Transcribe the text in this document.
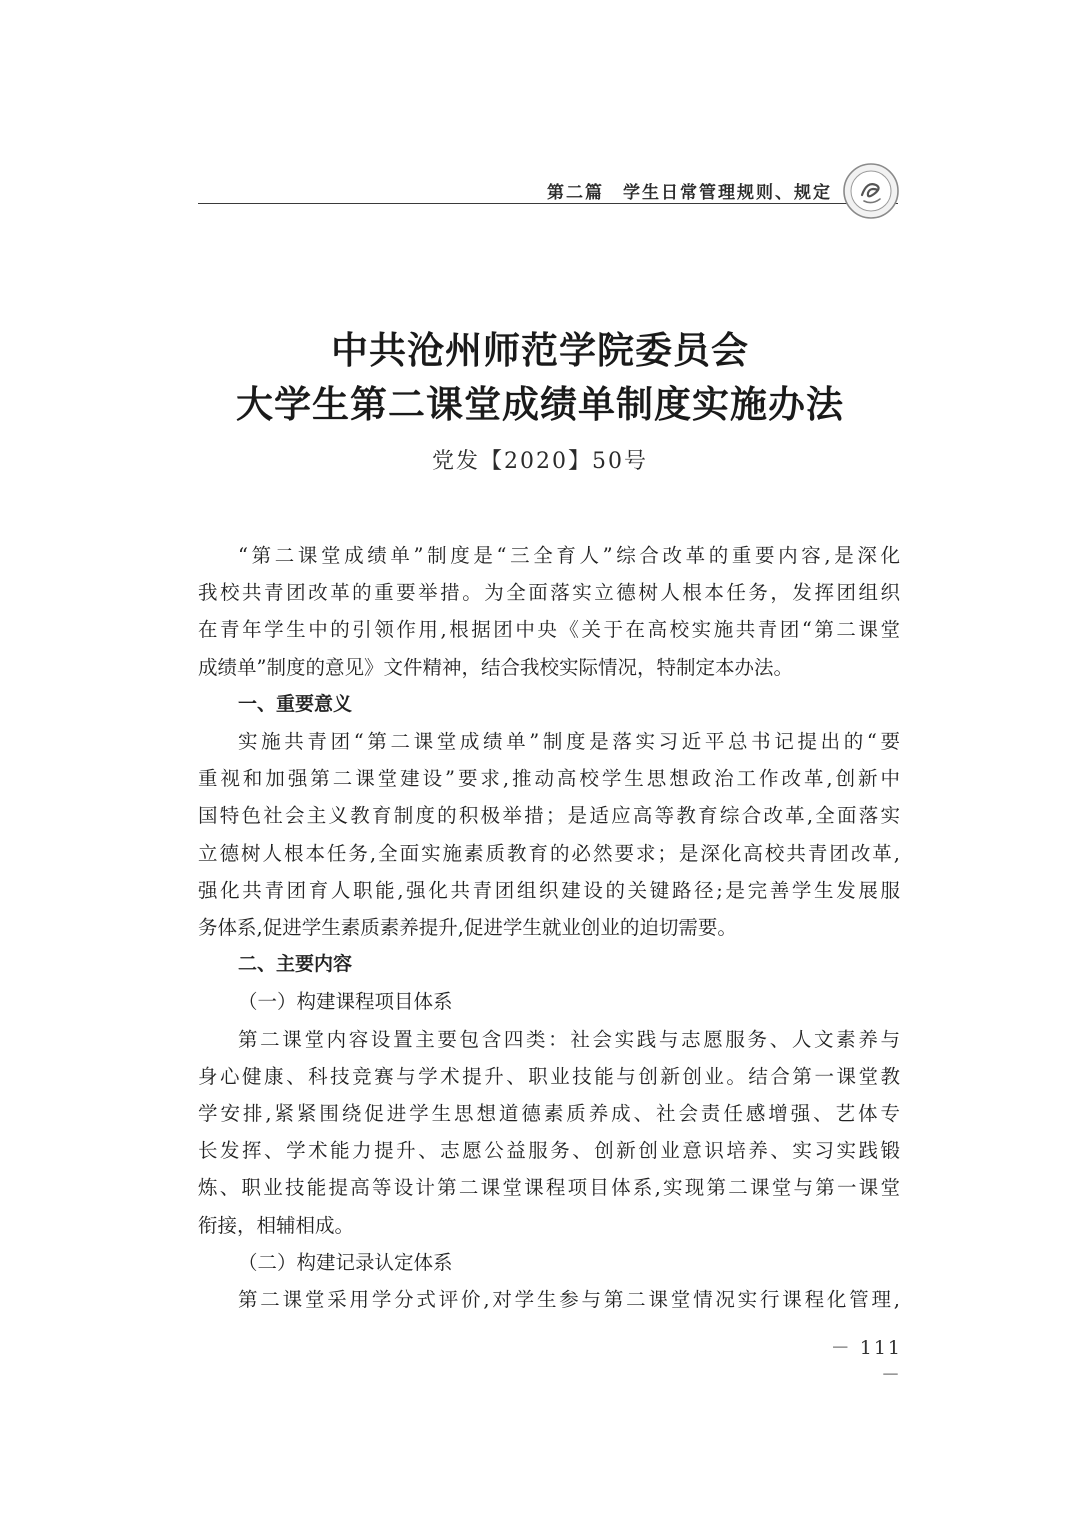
第二篇　学生日常管理规则、规定
中共沧州师范学院委员会
大学生第二课堂成绩单制度实施办法
党发【2020】50号
“第二课堂成绩单”制度是“三全育人”综合改革的重要内容,是深化
我校共青团改革的重要举措。为全面落实立德树人根本任务，发挥团组织
在青年学生中的引领作用,根据团中央《关于在高校实施共青团“第二课堂
成绩单”制度的意见》文件精神，结合我校实际情况，特制定本办法。
一、重要意义
实施共青团“第二课堂成绩单”制度是落实习近平总书记提出的“要
重视和加强第二课堂建设”要求,推动高校学生思想政治工作改革,创新中
国特色社会主义教育制度的积极举措；是适应高等教育综合改革,全面落实
立德树人根本任务,全面实施素质教育的必然要求；是深化高校共青团改革,
强化共青团育人职能,强化共青团组织建设的关键路径;是完善学生发展服
务体系,促进学生素质素养提升,促进学生就业创业的迫切需要。
二、主要内容
（一）构建课程项目体系
第二课堂内容设置主要包含四类：社会实践与志愿服务、人文素养与
身心健康、科技竞赛与学术提升、职业技能与创新创业。结合第一课堂教
学安排,紧紧围绕促进学生思想道德素质养成、社会责任感增强、艺体专
长发挥、学术能力提升、志愿公益服务、创新创业意识培养、实习实践锻
炼、职业技能提高等设计第二课堂课程项目体系,实现第二课堂与第一课堂
衔接，相辅相成。
（二）构建记录认定体系
第二课堂采用学分式评价,对学生参与第二课堂情况实行课程化管理,
－ 111 －
